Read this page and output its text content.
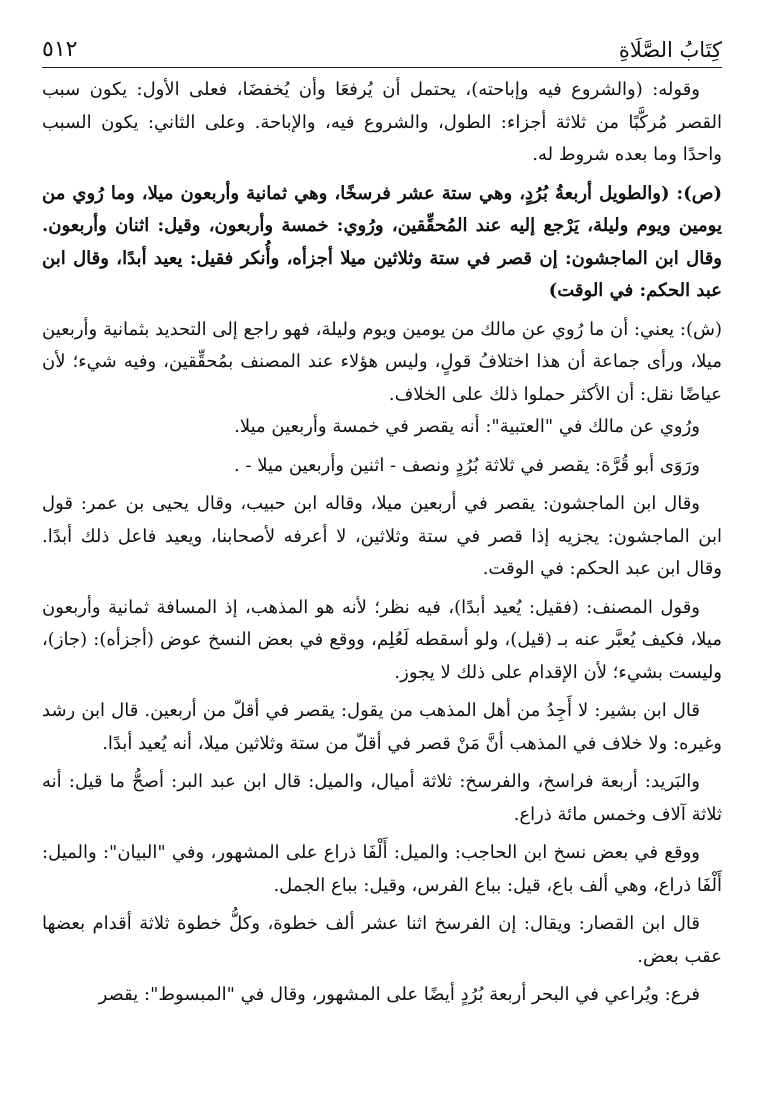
كِتَابُ الصَّلَاةِ
٥١٢

وقوله: (والشروع فيه وإباحته)، يحتمل أن يُرفعَا وأن يُخفضَا، فعلى الأول: يكون سبب القصر مُركَّبًا من ثلاثة أجزاء: الطول، والشروع فيه، والإباحة. وعلى الثاني: يكون السبب واحدًا وما بعده شروط له.

(ص): (والطويل أربعةُ بُرُدٍ، وهي ستة عشر فرسخًا، وهي ثمانية وأربعون ميلا، وما رُوي من يومين ويوم وليلة، يَرْجع إليه عند المُحقِّقين، ورُوي: خمسة وأربعون، وقيل: اثنان وأربعون. وقال ابن الماجشون: إن قصر في ستة وثلاثين ميلا أجزأه، وأُنكر فقيل: يعيد أبدًا، وقال ابن عبد الحكم: في الوقت)

(ش): يعني: أن ما رُوي عن مالك من يومين ويوم وليلة، فهو راجع إلى التحديد بثمانية وأربعين ميلا، ورأى جماعة أن هذا اختلافُ قولٍ، وليس هؤلاء عند المصنف بمُحقِّقين، وفيه شيء؛ لأن عياضًا نقل: أن الأكثر حملوا ذلك على الخلاف.

ورُوي عن مالك في "العتبية": أنه يقصر في خمسة وأربعين ميلا.

ورَوَى أبو قُرَّة: يقصر في ثلاثة بُرُدٍ ونصف - اثنين وأربعين ميلا - .

وقال ابن الماجشون: يقصر في أربعين ميلا، وقاله ابن حبيب، وقال يحيى بن عمر: قول ابن الماجشون: يجزيه إذا قصر في ستة وثلاثين، لا أعرفه لأصحابنا، ويعيد فاعل ذلك أبدًا. وقال ابن عبد الحكم: في الوقت.

وقول المصنف: (فقيل: يُعيد أبدًا)، فيه نظر؛ لأنه هو المذهب، إذ المسافة ثمانية وأربعون ميلا، فكيف يُعبَّر عنه بـ (قيل)، ولو أسقطه لَعُلِم، ووقع في بعض النسخ عوض (أجزأه): (جاز)، وليست بشيء؛ لأن الإقدام على ذلك لا يجوز.

قال ابن بشير: لا أَجِدُ من أهل المذهب من يقول: يقصر في أقلّ من أربعين. قال ابن رشد وغيره: ولا خلاف في المذهب أنَّ مَنْ قصر في أقلّ من ستة وثلاثين ميلا، أنه يُعيد أبدًا.

والبَريد: أربعة فراسخ، والفرسخ: ثلاثة أميال، والميل: قال ابن عبد البر: أصحُّ ما قيل: أنه ثلاثة آلاف وخمس مائة ذراع.

ووقع في بعض نسخ ابن الحاجب: والميل: أَلْفَا ذراع على المشهور، وفي "البيان": والميل: أَلْفَا ذراع، وهي ألف باع، قيل: بباع الفرس، وقيل: بباع الجمل.

قال ابن القصار: ويقال: إن الفرسخ اثنا عشر ألف خطوة، وكلُّ خطوة ثلاثة أقدام بعضها عقب بعض.

فرع: ويُراعي في البحر أربعة بُرُدٍ أيضًا على المشهور، وقال في "المبسوط": يقصر
